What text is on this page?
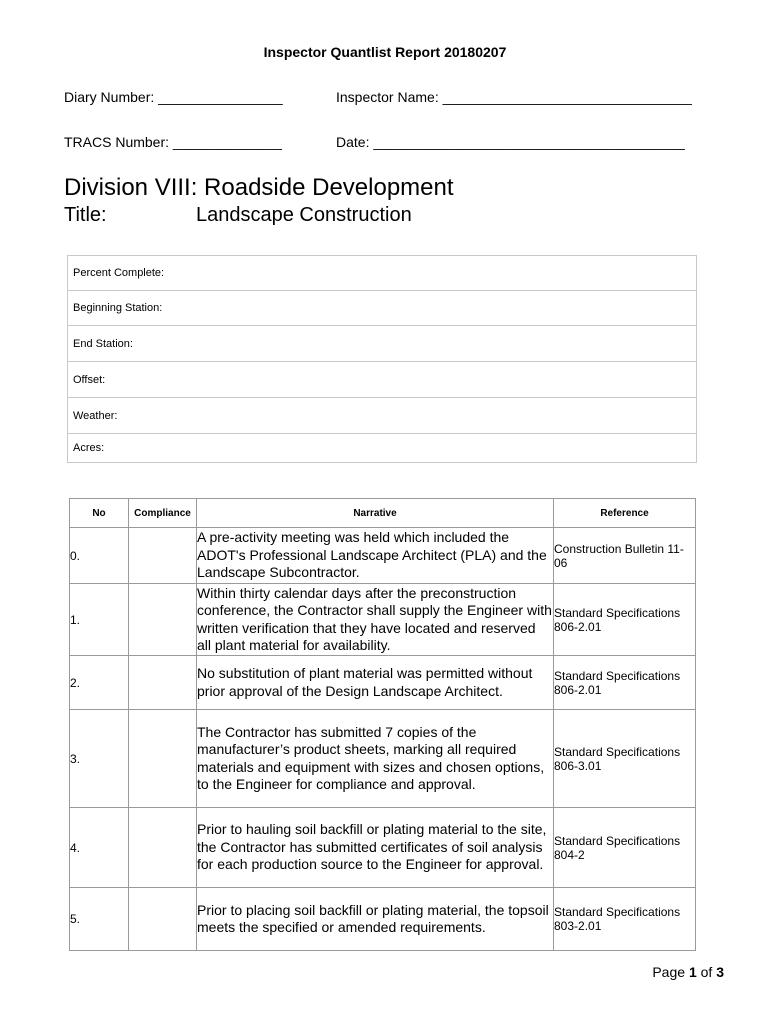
Inspector Quantlist Report 20180207
Diary Number: ________________	Inspector Name: ________________________________
TRACS Number: ______________	Date: ________________________________________
Division VIII: Roadside Development
Title:	Landscape Construction
Percent Complete:
Beginning Station:
End Station:
Offset:
Weather:
Acres:
No	Compliance	Narrative	Reference
0.		A pre-activity meeting was held which included the ADOT's Professional Landscape Architect (PLA) and the Landscape Subcontractor.	Construction Bulletin 11-06
1.		Within thirty calendar days after the preconstruction conference, the Contractor shall supply the Engineer with written verification that they have located and reserved all plant material for availability.	Standard Specifications 806-2.01
2.		No substitution of plant material was permitted without prior approval of the Design Landscape Architect.	Standard Specifications 806-2.01
3.		The Contractor has submitted 7 copies of the manufacturer’s product sheets, marking all required materials and equipment with sizes and chosen options, to the Engineer for compliance and approval.	Standard Specifications 806-3.01
4.		Prior to hauling soil backfill or plating material to the site, the Contractor has submitted certificates of soil analysis for each production source to the Engineer for approval.	Standard Specifications 804-2
5.		Prior to placing soil backfill or plating material, the topsoil meets the specified or amended requirements.	Standard Specifications 803-2.01
Page 1 of 3
